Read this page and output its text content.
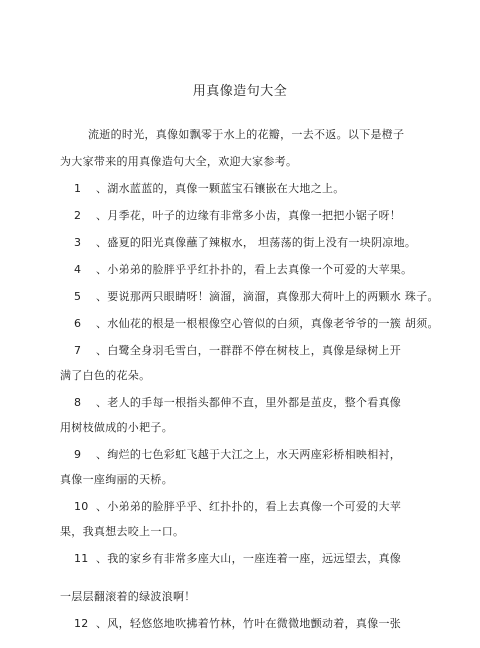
用真像造句大全
流逝的时光，真像如飘零于水上的花瓣，一去不返。以下是橙子
为大家带来的用真像造句大全，欢迎大家参考。
1 、湖水蓝蓝的，真像一颗蓝宝石镶嵌在大地之上。
2 、月季花，叶子的边缘有非常多小齿，真像一把把小锯子呀！
3 、盛夏的阳光真像蘸了辣椒水， 坦荡荡的街上没有一块阴凉地。
4 、小弟弟的脸胖乎乎红扑扑的，看上去真像一个可爱的大苹果。
5 、要说那两只眼睛呀！滴溜，滴溜，真像那大荷叶上的两颗水 珠子。
6 、水仙花的根是一根根像空心管似的白须，真像老爷爷的一簇 胡须。
7 、白鹭全身羽毛雪白，一群群不停在树枝上，真像是绿树上开
满了白色的花朵。
8 、老人的手每一根指头都伸不直，里外都是茧皮，整个看真像
用树枝做成的小耙子。
9 、绚烂的七色彩虹飞越于大江之上，水天两座彩桥相映相衬，
真像一座绚丽的天桥。
10 、小弟弟的脸胖乎乎、红扑扑的，看上去真像一个可爱的大苹
果，我真想去咬上一口。
11 、我的家乡有非常多座大山，一座连着一座，远远望去，真像
一层层翻滚着的绿波浪啊！
12 、风，轻悠悠地吹拂着竹林，竹叶在微微地颤动着，真像一张
